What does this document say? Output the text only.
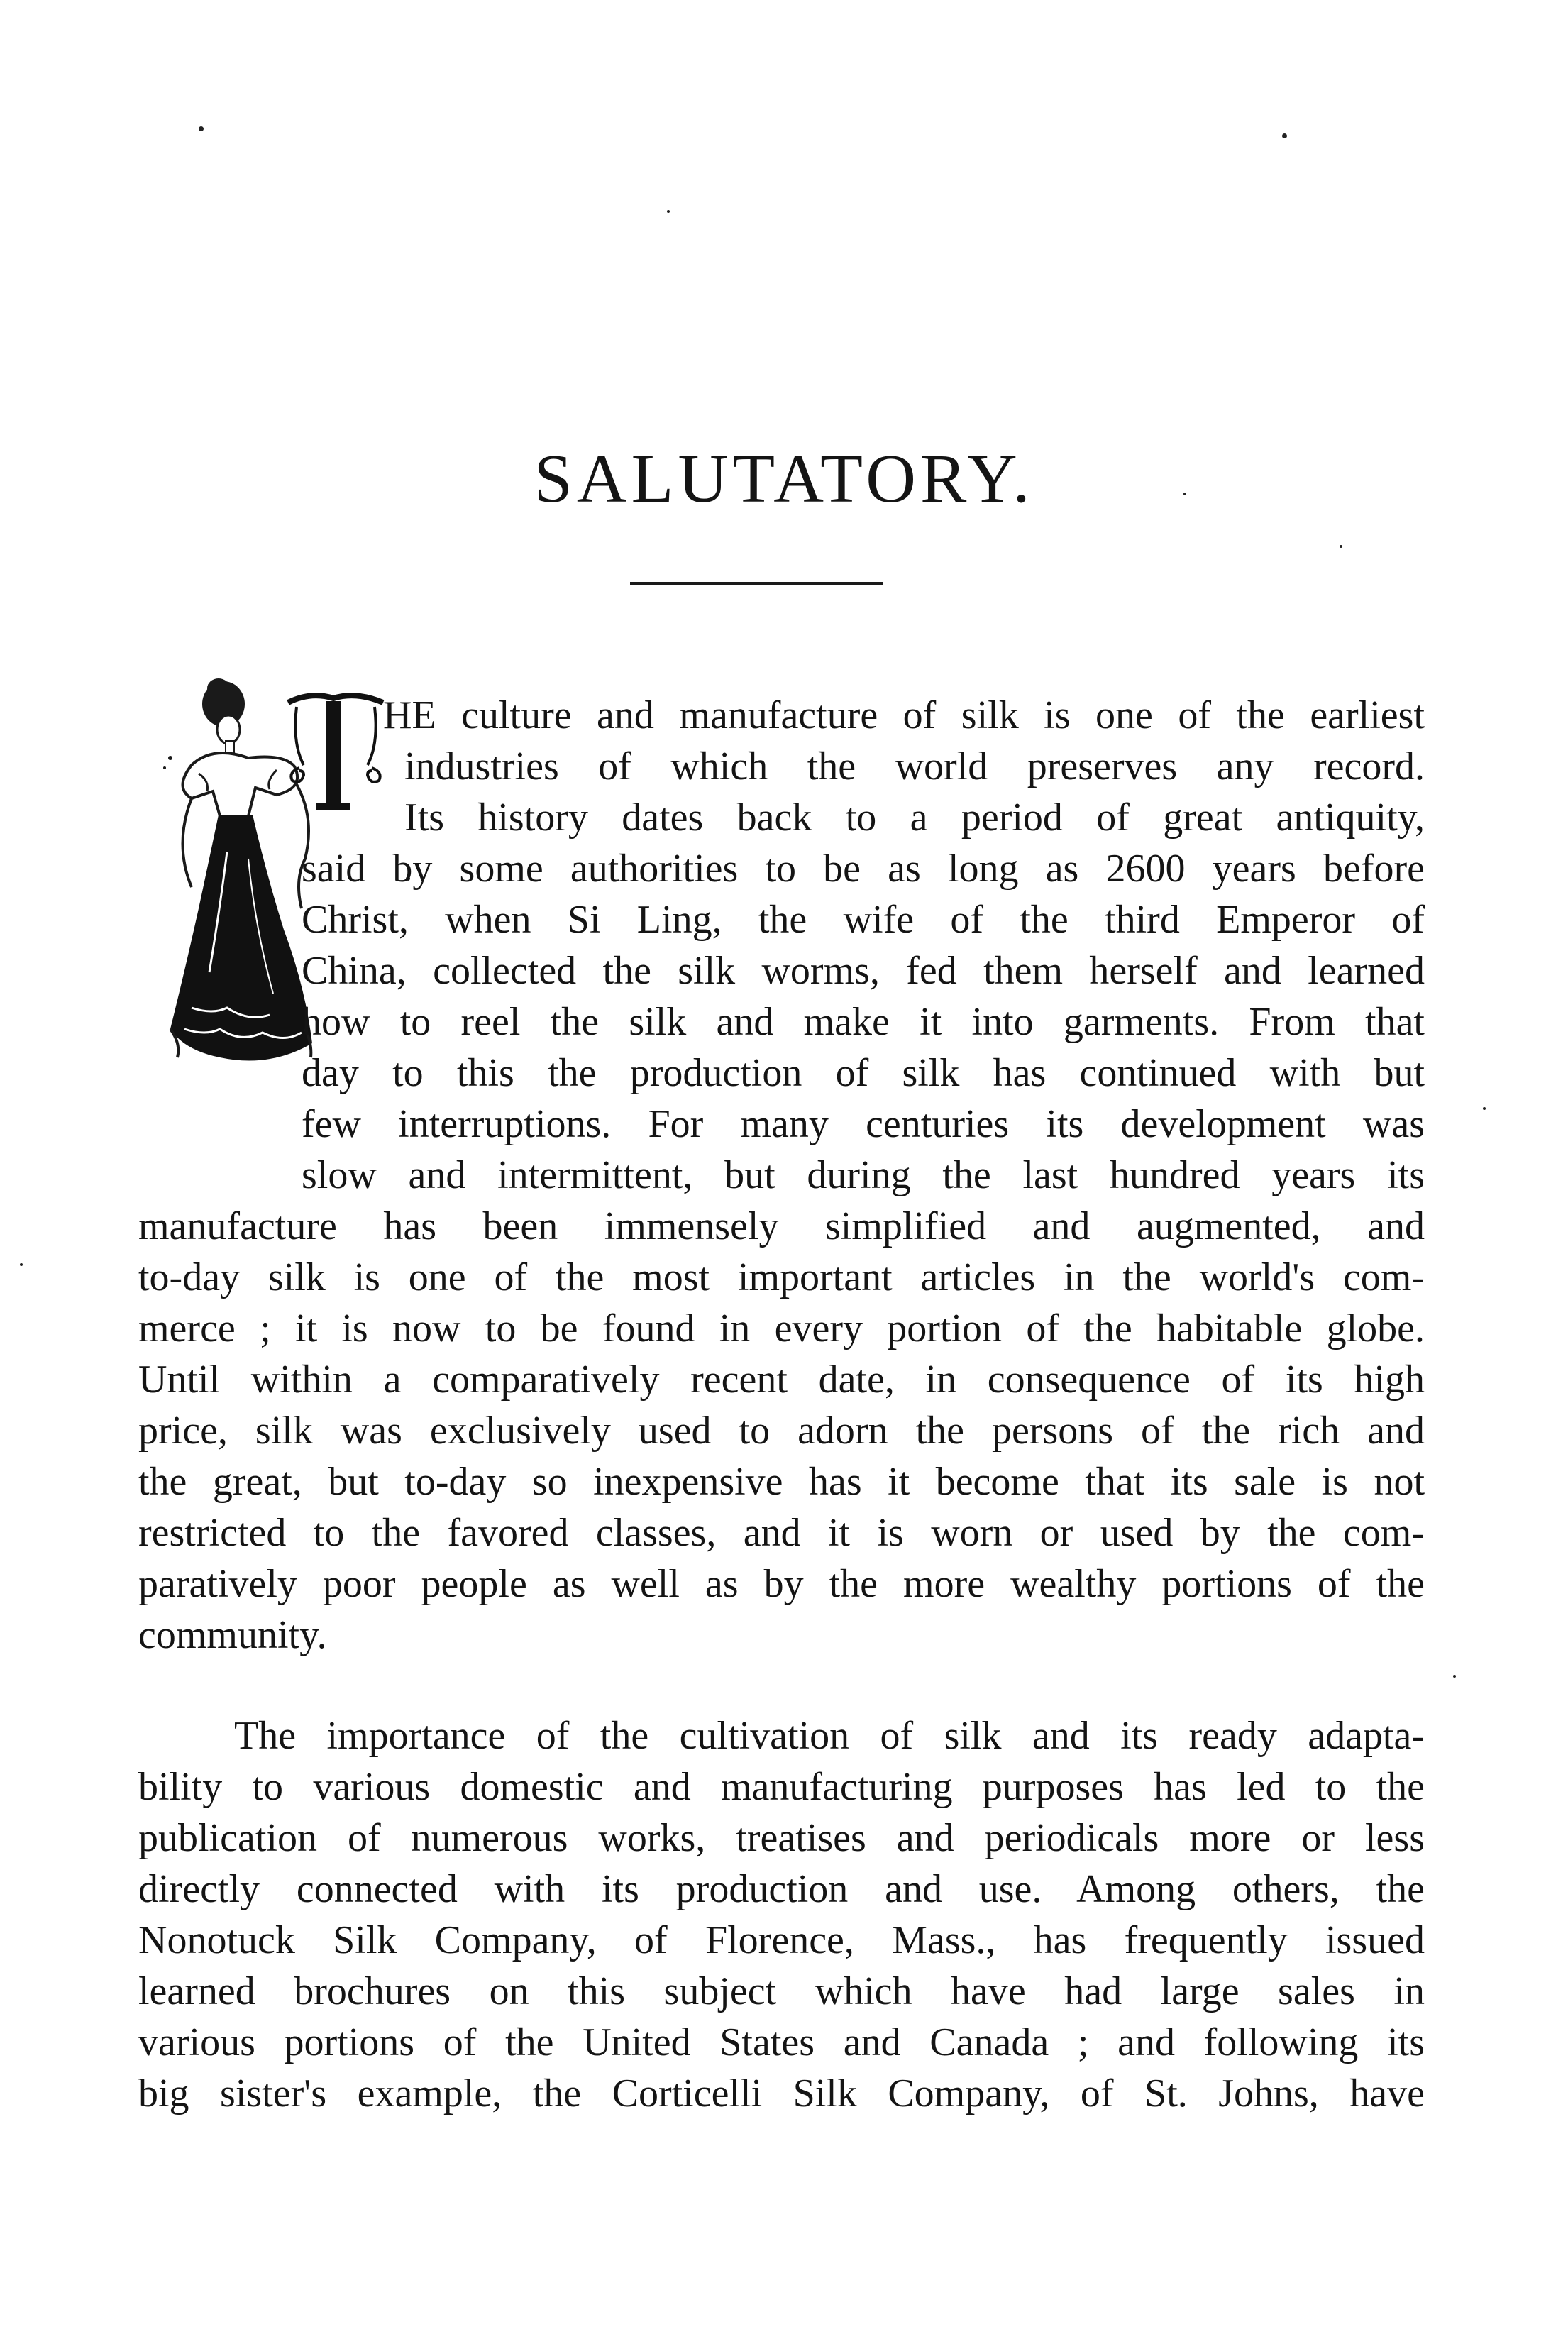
SALUTATORY.
HE culture and manufacture of silk is one of the earliest
industries of which the world preserves any record.
Its history dates back to a period of great antiquity,
said by some authorities to be as long as 2600 years before
Christ, when Si Ling, the wife of the third Emperor of
China, collected the silk worms, fed them herself and learned
how to reel the silk and make it into garments. From that
day to this the production of silk has continued with but
few interruptions. For many centuries its development was
slow and intermittent, but during the last hundred years its
manufacture has been immensely simplified and augmented, and
to-day silk is one of the most important articles in the world's com-
merce ; it is now to be found in every portion of the habitable globe.
Until within a comparatively recent date, in consequence of its high
price, silk was exclusively used to adorn the persons of the rich and
the great, but to-day so inexpensive has it become that its sale is not
restricted to the favored classes, and it is worn or used by the com-
paratively poor people as well as by the more wealthy portions of the
community.
The importance of the cultivation of silk and its ready adapta-
bility to various domestic and manufacturing purposes has led to the
publication of numerous works, treatises and periodicals more or less
directly connected with its production and use. Among others, the
Nonotuck Silk Company, of Florence, Mass., has frequently issued
learned brochures on this subject which have had large sales in
various portions of the United States and Canada ; and following its
big sister's example, the Corticelli Silk Company, of St. Johns, have
